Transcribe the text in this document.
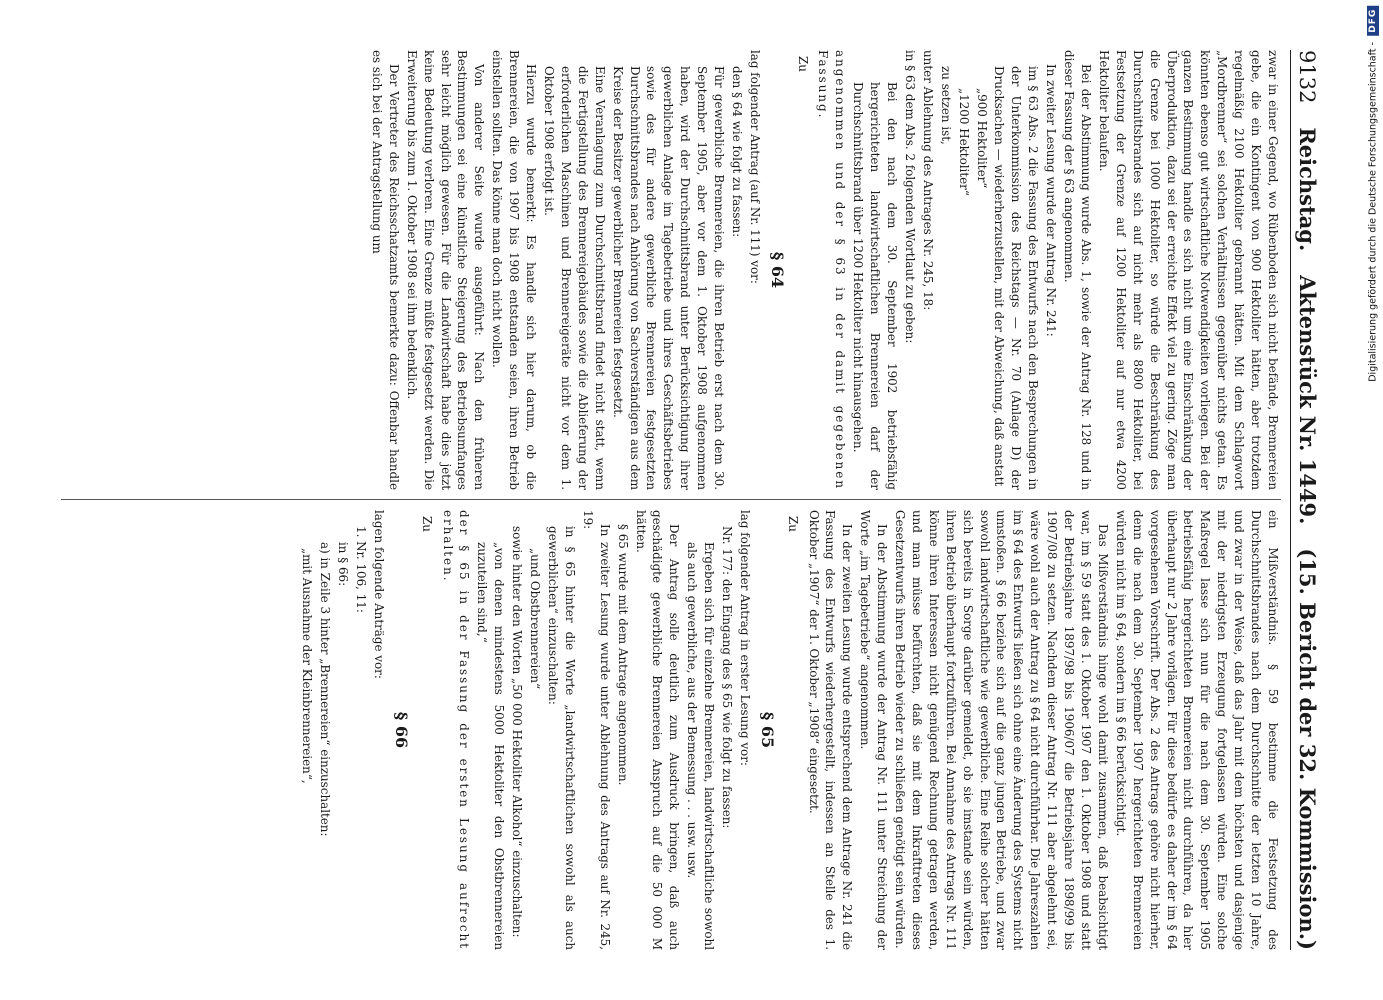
9132
Reichstag.
Aktenstück Nr. 1449.
(15. Bericht der 32. Kommission.)

zwar in einer Gegend, wo Rübenboden sich nicht befände, Brennereien gebe, die ein Kontingent von 900 Hektoliter hätten, aber trotzdem regelmäßig 2100 Hektoliter gebrannt hätten. Mit dem Schlagwort „Mordbrenner“ sei solchen Verhältnissen gegenüber nichts getan. Es könnten ebenso gut wirtschaftliche Notwendigkeiten vorliegen. Bei der ganzen Bestimmung handle es sich nicht um eine Einschränkung der Überproduktion, dazu sei der erreichte Effekt viel zu gering. Zöge man die Grenze bei 1000 Hektoliter, so würde die Beschränkung des Durchschnittsbrandes sich auf nicht mehr als 8800 Hektoliter, bei Festsetzung der Grenze auf 1200 Hektoliter auf nur etwa 4200 Hektoliter belaufen.

Bei der Abstimmung wurde Abs. 1, sowie der Antrag Nr. 128 und in dieser Fassung der § 63 angenommen.

In zweiter Lesung wurde der Antrag Nr. 241:

im § 63 Abs. 2 die Fassung des Entwurfs nach den Besprechungen in der Unterkommission des Reichstags — Nr. 70 (Anlage D) der Drucksachen — wiederherzustellen, mit der Abweichung, daß anstatt

„900 Hektoliter“

„1200 Hektoliter“

zu setzen ist,

unter Ablehnung des Antrages Nr. 245, 18:

in § 63 dem Abs. 2 folgenden Wortlaut zu geben:

Bei den nach dem 30. September 1902 betriebsfähig hergerichteten landwirtschaftlichen Brennereien darf der Durchschnittsbrand über 1200 Hektoliter nicht hinausgehen.

angenommen und der § 63 in der damit gegebenen Fassung.

Zu
§ 64

lag folgender Antrag (auf Nr. 111) vor:

den § 64 wie folgt zu fassen:

Für gewerbliche Brennereien, die ihren Betrieb erst nach dem 30. September 1905, aber vor dem 1. Oktober 1908 aufgenommen haben, wird der Durchschnittsbrand unter Berücksichtigung ihrer gewerblichen Anlage im Tagebetriebe und ihres Geschäftsbetriebes sowie des für andere gewerbliche Brennereien festgesetzten Durchschnittsbrandes nach Anhörung von Sachverständigen aus dem Kreise der Besitzer gewerblicher Brennereien festgesetzt.

Eine Veranlagung zum Durchschnittsbrand findet nicht statt, wenn die Fertigstellung des Brennereigebäudes sowie die Ablieferung der erforderlichen Maschinen und Brennereigeräte nicht vor dem 1. Oktober 1908 erfolgt ist.

Hierzu wurde bemerkt: Es handle sich hier darum, ob die Brennereien, die von 1907 bis 1908 entstanden seien, ihren Betrieb einstellen sollten. Das könne man doch nicht wollen.

Von anderer Seite wurde ausgeführt: Nach den früheren Bestimmungen sei eine künstliche Steigerung des Betriebsumfanges sehr leicht möglich gewesen. Für die Landwirtschaft habe dies jetzt keine Bedeutung verloren. Eine Grenze müßte festgesetzt werden. Die Erweiterung bis zum 1. Oktober 1908 sei ihm bedenklich.

Der Vertreter des Reichsschatzamts bemerkte dazu: Offenbar handle es sich bei der Antragstellung um

ein Mißverständnis. § 59 bestimme die Festsetzung des Durchschnittsbrandes nach dem Durchschnitte der letzten 10 Jahre, und zwar in der Weise, daß das Jahr mit dem höchsten und dasjenige mit der niedrigsten Erzeugung fortgelassen würden. Eine solche Maßregel lasse sich nun für die nach dem 30. September 1905 betriebsfähig hergerichteten Brennereien nicht durchführen, da hier überhaupt nur 2 Jahre vorlägen. Für diese bedürfe es daher der im § 64 vorgesehenen Vorschrift. Der Abs. 2 des Antrags gehöre nicht hierher, denn die nach dem 30. September 1907 hergerichteten Brennereien würden nicht im § 64, sondern im § 66 berücksichtigt.

Das Mißverständnis hinge wohl damit zusammen, daß beabsichtigt war, im § 59 statt des 1. Oktober 1907 den 1. Oktober 1908 und statt der Betriebsjahre 1897/98 bis 1906/07 die Betriebsjahre 1898/99 bis 1907/08 zu setzen. Nachdem dieser Antrag Nr. 111 aber abgelehnt sei, wäre wohl auch der Antrag zu § 64 nicht durchführbar. Die Jahreszahlen im § 64 des Entwurfs ließen sich ohne eine Änderung des Systems nicht umstoßen. § 66 beziehe sich auf die ganz jungen Betriebe, und zwar sowohl landwirtschaftliche wie gewerbliche. Eine Reihe solcher hätten sich bereits in Sorge darüber gemeldet, ob sie imstande sein würden, ihren Betrieb überhaupt fortzuführen. Bei Annahme des Antrags Nr. 111 könne ihren Interessen nicht genügend Rechnung getragen werden, und man müsse befürchten, daß sie mit dem Inkrafttreten dieses Gesetzentwurfs ihren Betrieb wieder zu schließen genötigt sein würden.

In der Abstimmung wurde der Antrag Nr. 111 unter Streichung der Worte „im Tagebetriebe“ angenommen.

In der zweiten Lesung wurde entsprechend dem Antrage Nr. 241 die Fassung des Entwurfs wiederhergestellt, indessen an Stelle des 1. Oktober „1907“ der 1. Oktober „1908“ eingesetzt.

Zu
§ 65

lag folgender Antrag in erster Lesung vor:

Nr. 177: den Eingang des § 65 wie folgt zu fassen:

Ergeben sich für einzelne Brennereien, landwirtschaftliche sowohl als auch gewerbliche, aus der Bemessung . . . usw. usw.

Der Antrag solle deutlich zum Ausdruck bringen, daß auch geschädigte gewerbliche Brennereien Anspruch auf die 50 000 M hätten.

§ 65 wurde mit dem Antrage angenommen.

In zweiter Lesung wurde unter Ablehnung des Antrags auf Nr. 245, 19:

in § 65 hinter die Worte „landwirtschaftlichen sowohl als auch gewerblichen“ einzuschalten:

„und Obstbrennereien“

sowie hinter den Worten „50 000 Hektoliter Alkohol“ einzuschalten:

„von denen mindestens 5000 Hektoliter den Obstbrennereien zuzuteilen sind,“

der § 65 in der Fassung der ersten Lesung aufrecht erhalten.

Zu
§ 66

lagen folgende Anträge vor:

1. Nr. 106, 11:

in § 66:

a) in Zeile 3 hinter „Brennereien“ einzuschalten:

„mit Ausnahme der Kleinbrennereien“,

Digitalisierung gefördert durch die Deutsche Forschungsgemeinschaft -
DFG
